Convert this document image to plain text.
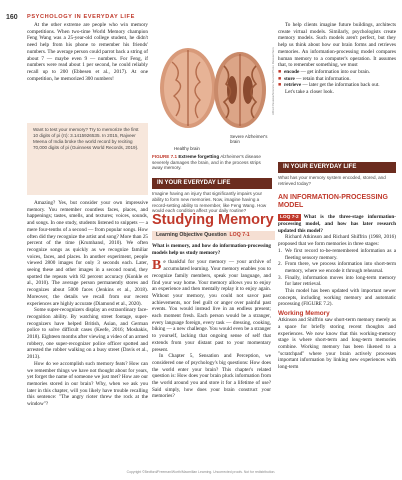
160 PSYCHOLOGY IN EVERYDAY LIFE

At the other extreme are people who win memory competitions. When two-time World Memory champion Feng Wang was a 25-year-old college student, he didn't need help from his phone to remember his friends' numbers. The average person could parrot back a string of about 7 — maybe even 9 — numbers. For Feng, if numbers were read about 1 per second, he could reliably recall up to 200 (Ebbesen et al., 2017). At one competition, he memorized 300 numbers!

Want to test your memory? Try to memorize the first 10 digits of pi (π): 3.1415926535. In 2015, Rajveer Meena of India broke the world record by reciting 70,000 digits of pi (Guinness World Records, 2019).

Amazing? Yes, but consider your own impressive memory. You remember countless faces, places, and happenings; tastes, smells, and textures; voices, sounds, and songs. In one study, students listened to snippets — a mere four-tenths of a second — from popular songs. How often did they recognize the artist and song? More than 25 percent of the time (Krumhansl, 2010). We often recognize songs as quickly as we recognize familiar voices, faces, and places. In another experiment, people viewed 2800 images for only 3 seconds each. Later, seeing these and other images in a second round, they spotted the repeats with 82 percent accuracy (Konkle et al., 2010). The average person permanently stores and recognizes about 5000 faces (Jenkins et al., 2018). Moreover, the details we recall from our recent experiences are highly accurate (Diamond et al., 2020).

Some super-recognizers display an extraordinary face-recognition ability. By watching street footage, super-recognizers have helped British, Asian, and German police to solve difficult cases (Keefe, 2016; Moshakis, 2018). Eighteen months after viewing a video of an armed robbery, one super-recognizer police officer spotted and arrested the robber walking on a busy street (Davis et al., 2013).

How do we accomplish such memory feats? How can we remember things we have not thought about for years, yet forget the name of someone we just met? How are our memories stored in our brain? Why, when we ask you later in this chapter, will you likely have trouble recalling this sentence: "The angry rioter threw the rock at the window"?

Healthy brain
Severe Alzheimer's brain
Alfred Pasieka/Science Source/Photo Researchers
FIGURE 7.1 Extreme forgetting Alzheimer's disease severely damages the brain, and in the process strips away memory.
IN YOUR EVERYDAY LIFE
Imagine having an injury that significantly impairs your ability to form new memories. Now, imagine having a record-setting ability to remember, like Feng Wang. How would each condition affect your daily routine?
Studying Memory
Learning Objective Question LOQ 7-1

What is memory, and how do information-processing models help us study memory?

Be thankful for your memory — your archive of accumulated learning. Your memory enables you to recognize family members, speak your language, and find your way home. Your memory allows you to enjoy an experience and then mentally replay it to enjoy again. Without your memory, you could not savor past achievements, nor feel guilt or anger over painful past events. You would instead live in an endless present; each moment fresh. Each person would be a stranger, every language foreign, every task — dressing, cooking, biking — a new challenge. You would even be a stranger to yourself, lacking that ongoing sense of self that extends from your distant past to your momentary present.

In Chapter 5, Sensation and Perception, we considered one of psychology's big questions: How does the world enter your brain? This chapter's related question is: How does your brain pluck information from the world around you and store it for a lifetime of use? Said simply, how does your brain construct your memories?

To help clients imagine future buildings, architects create virtual models. Similarly, psychologists create memory models. Such models aren't perfect, but they help us think about how our brain forms and retrieves memories. An information-processing model compares human memory to a computer's operation. It assumes that, to remember something, we must

■ encode — get information into our brain.
■ store — retain that information.
■ retrieve — later get the information back out.

Let's take a closer look.

IN YOUR EVERYDAY LIFE
What has your memory system encoded, stored, and retrieved today?
AN INFORMATION-PROCESSING MODEL

LOQ 7-2 What is the three-stage information-processing model, and how has later research updated this model?

Richard Atkinson and Richard Shiffrin (1968, 2016) proposed that we form memories in three stages:

1. We first record to-be-remembered information as a fleeting sensory memory.
2. From there, we process information into short-term memory, where we encode it through rehearsal.
3. Finally, information moves into long-term memory for later retrieval.

This model has been updated with important newer concepts, including working memory and automatic processing (FIGURE 7.2).

Working Memory

Atkinson and Shiffrin saw short-term memory merely as a space for briefly storing recent thoughts and experiences. We now know that this working-memory stage is where short-term and long-term memories combine. Working memory has been likened to a "scratchpad" where your brain actively processes important information by linking new experiences with long-term

Copyright ©Bedford/Freeman/Worth/Macmillan Learning. Uncorrected proofs. Not for redistribution.
